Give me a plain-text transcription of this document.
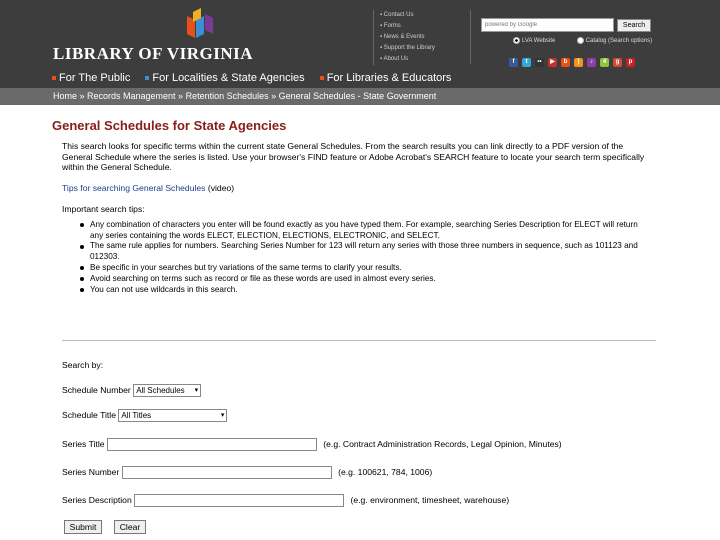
LIBRARY OF VIRGINIA
▪ Contact Us
▪ Forms
▪ News & Events
▪ Support the Library
▪ About Us
powered by Google
Search
LVA Website	Catalog (Search options)
f t •• ▶ b ) ♪ 4 g p
For The Public For Localities & State Agencies For Libraries & Educators
Home » Records Management » Retention Schedules » General Schedules - State Government
General Schedules for State Agencies

This search looks for specific terms within the current state General Schedules. From the search results you can link directly to a PDF version of the General Schedule where the series is listed. Use your browser's FIND feature or Adobe Acrobat's SEARCH feature to locate your search term specifically within the General Schedule.

Tips for searching General Schedules (video)

Important search tips:

Any combination of characters you enter will be found exactly as you have typed them. For example, searching Series Description for ELECT will return any series containing the words ELECT, ELECTION, ELECTIONS, ELECTRONIC, and SELECT.
The same rule applies for numbers. Searching Series Number for 123 will return any series with those three numbers in sequence, such as 101123 and 012303.
Be specific in your searches but try variations of the same terms to clarify your results.
Avoid searching on terms such as record or file as these words are used in almost every series.
You can not use wildcards in this search.
Search by:
Schedule Number All Schedules ▾
Schedule Title All Titles	▾
Series Title	(e.g. Contract Administration Records, Legal Opinion, Minutes)
Series Number	(e.g. 100621, 784, 1006)
Series Description	(e.g. environment, timesheet, warehouse)
Submit	Clear
